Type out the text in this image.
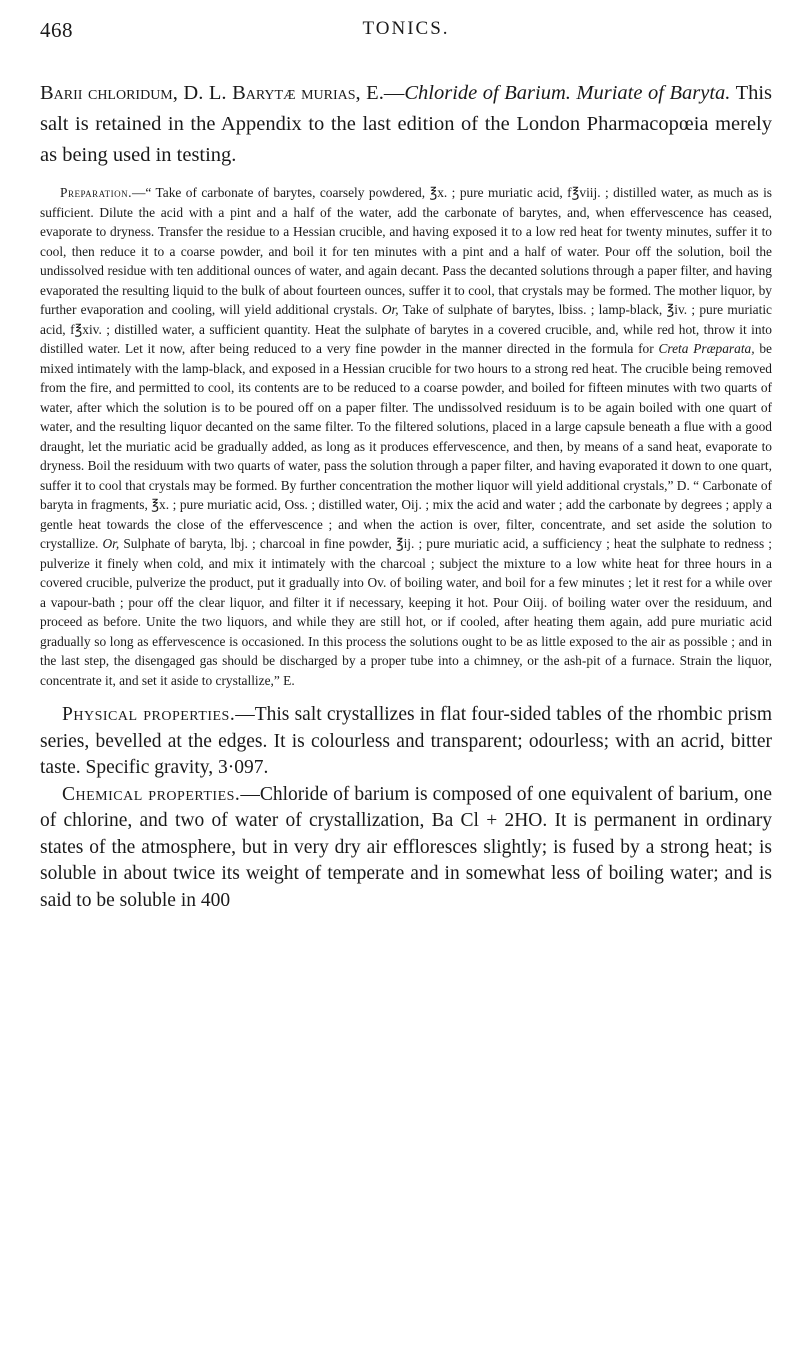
468	TONICS.

Barii chloridum, D. L. Barytæ murias, E.—Chloride of Barium. Muriate of Baryta. This salt is retained in the Appendix to the last edition of the London Pharmacopœia merely as being used in testing.

Preparation.—“ Take of carbonate of barytes, coarsely powdered, ℥x. ; pure muriatic acid, f℥viij. ; distilled water, as much as is sufficient. Dilute the acid with a pint and a half of the water, add the carbonate of barytes, and, when effervescence has ceased, evaporate to dryness. Transfer the residue to a Hessian crucible, and having exposed it to a low red heat for twenty minutes, suffer it to cool, then reduce it to a coarse powder, and boil it for ten minutes with a pint and a half of water. Pour off the solution, boil the undissolved residue with ten additional ounces of water, and again decant. Pass the decanted solutions through a paper filter, and having evaporated the resulting liquid to the bulk of about fourteen ounces, suffer it to cool, that crystals may be formed. The mother liquor, by further evaporation and cooling, will yield additional crystals. Or, Take of sulphate of barytes, lbiss. ; lamp-black, ℥iv. ; pure muriatic acid, f℥xiv. ; distilled water, a sufficient quantity. Heat the sulphate of barytes in a covered crucible, and, while red hot, throw it into distilled water. Let it now, after being reduced to a very fine powder in the manner directed in the formula for Creta Præparata, be mixed intimately with the lamp-black, and exposed in a Hessian crucible for two hours to a strong red heat. The crucible being removed from the fire, and permitted to cool, its contents are to be reduced to a coarse powder, and boiled for fifteen minutes with two quarts of water, after which the solution is to be poured off on a paper filter. The undissolved residuum is to be again boiled with one quart of water, and the resulting liquor decanted on the same filter. To the filtered solutions, placed in a large capsule beneath a flue with a good draught, let the muriatic acid be gradually added, as long as it produces effervescence, and then, by means of a sand heat, evaporate to dryness. Boil the residuum with two quarts of water, pass the solution through a paper filter, and having evaporated it down to one quart, suffer it to cool that crystals may be formed. By further concentration the mother liquor will yield additional crystals,” D. “ Carbonate of baryta in fragments, ℥x. ; pure muriatic acid, Oss. ; distilled water, Oij. ; mix the acid and water ; add the carbonate by degrees ; apply a gentle heat towards the close of the effervescence ; and when the action is over, filter, concentrate, and set aside the solution to crystallize. Or, Sulphate of baryta, lbj. ; charcoal in fine powder, ℥ij. ; pure muriatic acid, a sufficiency ; heat the sulphate to redness ; pulverize it finely when cold, and mix it intimately with the charcoal ; subject the mixture to a low white heat for three hours in a covered crucible, pulverize the product, put it gradually into Ov. of boiling water, and boil for a few minutes ; let it rest for a while over a vapour-bath ; pour off the clear liquor, and filter it if necessary, keeping it hot. Pour Oiij. of boiling water over the residuum, and proceed as before. Unite the two liquors, and while they are still hot, or if cooled, after heating them again, add pure muriatic acid gradually so long as effervescence is occasioned. In this process the solutions ought to be as little exposed to the air as possible ; and in the last step, the disengaged gas should be discharged by a proper tube into a chimney, or the ash-pit of a furnace. Strain the liquor, concentrate it, and set it aside to crystallize,” E.

Physical properties.—This salt crystallizes in flat four-sided tables of the rhombic prism series, bevelled at the edges. It is colourless and transparent; odourless; with an acrid, bitter taste. Specific gravity, 3·097.

Chemical properties.—Chloride of barium is composed of one equivalent of barium, one of chlorine, and two of water of crystallization, Ba Cl + 2HO. It is permanent in ordinary states of the atmosphere, but in very dry air effloresces slightly; is fused by a strong heat; is soluble in about twice its weight of temperate and in somewhat less of boiling water; and is said to be soluble in 400
